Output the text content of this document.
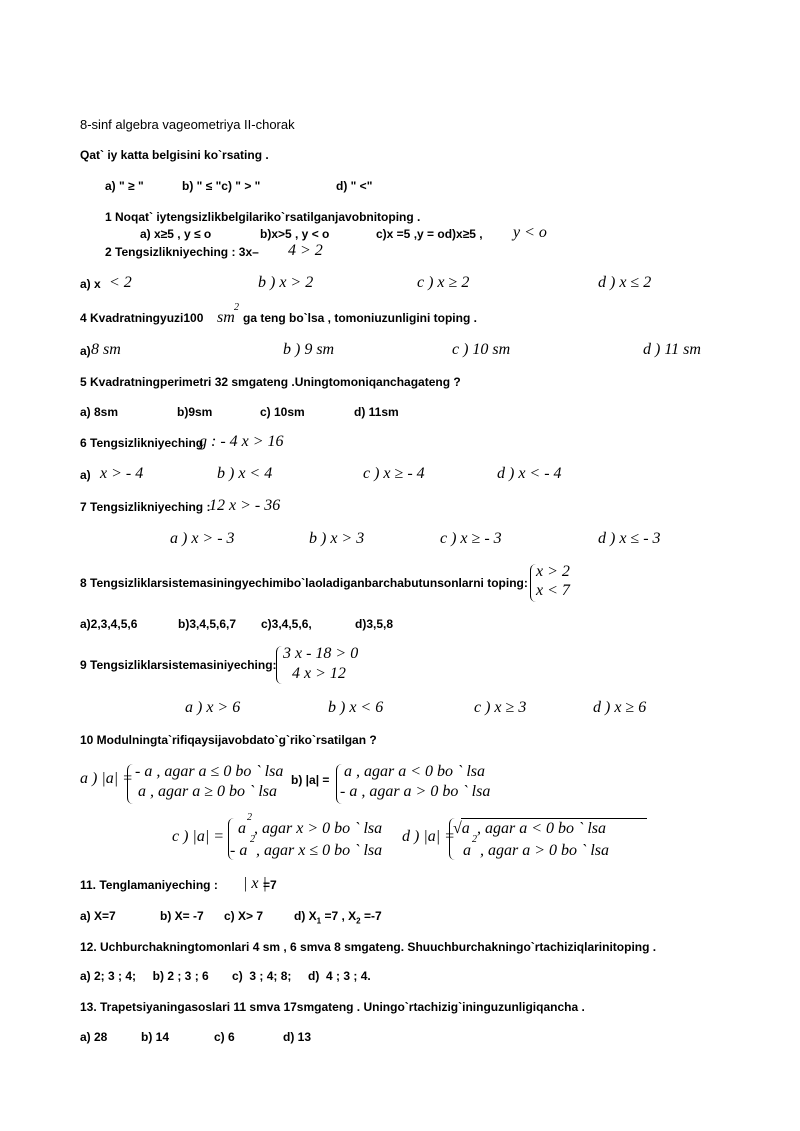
8-sinf algebra vageometriya II-chorak
Qat` iy katta belgisini ko`rsating .
a) " ≥ "	b) " ≤ "c) " > "	d) " <"
1 Noqat` iytengsizlikbelgilariko`rsatilganjavobnitoping .
a) x≥5 , y ≤ o	b)x>5 , y < o	c)x =5 ,y = od)x≥5 , y < o
2 Tengsizlikniyeching : 3x– 4 > 2
a) x < 2	b ) x > 2	c ) x ≥ 2	d ) x ≤ 2
4 Kvadratningyuzi100 sm
2
ga teng bo`lsa , tomoniuzunligini toping .
a) 8 sm	b ) 9 sm	c ) 10 sm	d ) 11 sm
5 Kvadratningperimetri 32 smgateng .Uningtomoniqanchagateng ?
a) 8sm	b)9sm	c) 10sm	d) 11sm
6 Tengsizlikniyeching
g : - 4 x > 16
a) x > - 4	b ) x < 4	c ) x ≥ - 4	d ) x < - 4
7 Tengsizlikniyeching :
12 x > - 36
a ) x > - 3	b ) x > 3	c ) x ≥ - 3	d ) x ≤ - 3
8 Tengsizliklarsistemasiningyechimibo`laoladiganbarchabutunsonlarni toping:
x > 2
x < 7
a)2,3,4,5,6	b)3,4,5,6,7 c)3,4,5,6,	d)3,5,8
9 Tengsizliklarsistemasiniyeching:
3 x - 18 > 0
4 x > 12
a ) x > 6	b ) x < 6	c ) x ≥ 3	d ) x ≥ 6
10 Modulningta`rifiqaysijavobdato`g`riko`rsatilgan ?
a ) |a| = - a , agar a ≤ 0 bo ` lsa
a , agar a ≥ 0 bo ` lsa
b) |a| = a , agar a < 0 bo ` lsa
- a , agar a > 0 bo ` lsa
c ) |a| = a
2
, agar x > 0 bo ` lsa
- a
2
, agar x ≤ 0 bo ` lsa
d ) |a| =
√a , agar a < 0 bo ` lsa
a
2
, agar a > 0 bo ` lsa
11. Tenglamaniyeching : | x |
=7
a) X=7	b) X= -7 c) X> 7	d) $X_1 =7$ , $X_2 =-7$
12. Uchburchakningtomonlari 4 sm , 6 smva 8 smgateng. Shuuchburchakningo`rtachiziqlarinitoping .
a) 2; 3 ; 4;     b) 2 ; 3 ; 6       c)  3 ; 4; 8;     d)  4 ; 3 ; 4.
13. Trapetsiyaningasoslari 11 smva 17smgateng . Uningo`rtachizig`ininguzunligiqancha .
a) 28	b) 14	c) 6	d) 13
